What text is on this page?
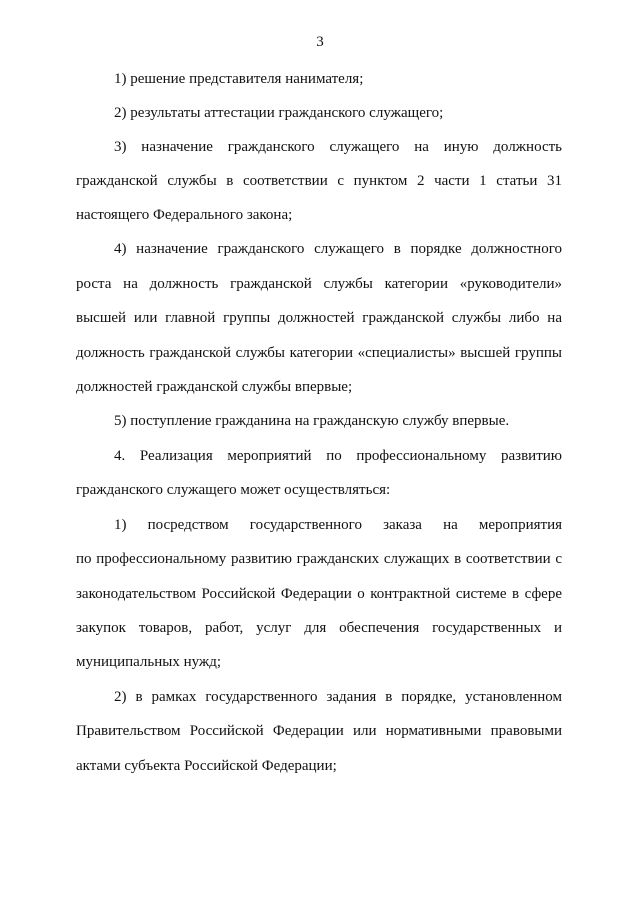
3
1) решение представителя нанимателя;
2) результаты аттестации гражданского служащего;
3) назначение гражданского служащего на иную должность
гражданской службы в соответствии с пунктом 2 части 1 статьи 31
настоящего Федерального закона;
4) назначение гражданского служащего в порядке должностного
роста на должность гражданской службы категории «руководители»
высшей или главной группы должностей гражданской службы либо на
должность гражданской службы категории «специалисты» высшей группы
должностей гражданской службы впервые;
5) поступление гражданина на гражданскую службу впервые.
4. Реализация мероприятий по профессиональному развитию
гражданского служащего может осуществляться:
1) посредством государственного заказа на мероприятия
по профессиональному развитию гражданских служащих в соответствии с
законодательством Российской Федерации о контрактной системе в сфере
закупок товаров, работ, услуг для обеспечения государственных и
муниципальных нужд;
2) в рамках государственного задания в порядке, установленном
Правительством Российской Федерации или нормативными правовыми
актами субъекта Российской Федерации;
